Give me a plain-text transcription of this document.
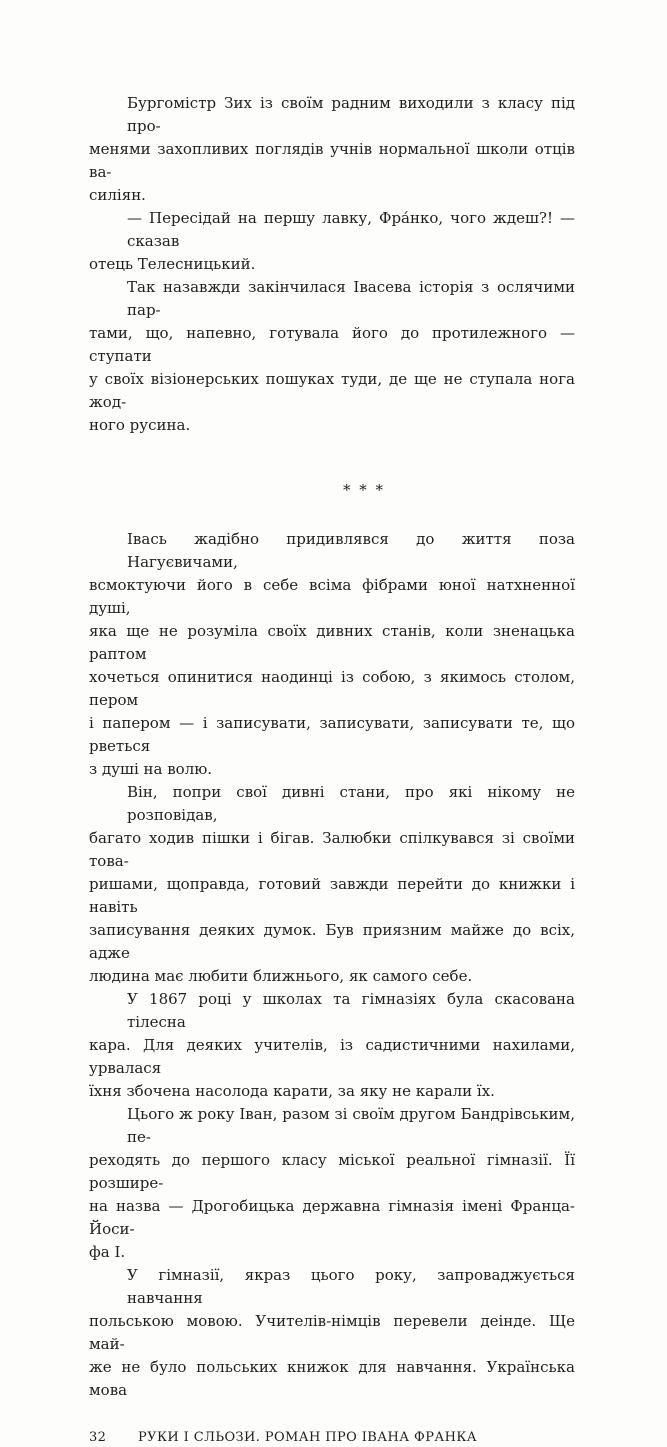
Бургомістр Зих із своїм радним виходили з класу під про-
менями захопливих поглядів учнів нормальної школи отців ва-
силіян.
— Пересідай на першу лавку, Фра́нко, чого ждеш?! — сказав
отець Телесницький.
Так назавжди закінчилася Івасева історія з ослячими пар-
тами, що, напевно, готувала його до протилежного — ступати
у своїх візіонерських пошуках туди, де ще не ступала нога жод-
ного русина.
* * *
Івась жадібно придивлявся до життя поза Нагуєвичами,
всмоктуючи його в себе всіма фібрами юної натхненної душі,
яка ще не розуміла своїх дивних станів, коли зненацька раптом
хочеться опинитися наодинці із собою, з якимось столом, пером
і папером — і записувати, записувати, записувати те, що рветься
з душі на волю.
Він, попри свої дивні стани, про які нікому не розповідав,
багато ходив пішки і бігав. Залюбки спілкувався зі своїми това-
ришами, щоправда, готовий завжди перейти до книжки і навіть
записування деяких думок. Був приязним майже до всіх, адже
людина має любити ближнього, як самого себе.
У 1867 році у школах та гімназіях була скасована тілесна
кара. Для деяких учителів, із садистичними нахилами, урвалася
їхня збочена насолода карати, за яку не карали їх.
Цього ж року Іван, разом зі своїм другом Бандрівським, пе-
реходять до першого класу міської реальної гімназії. Її розшире-
на назва — Дрогобицька державна гімназія імені Франца-Йоси-
фа І.
У гімназії, якраз цього року, запроваджується навчання
польською мовою. Учителів-німців перевели деінде. Ще май-
же не було польських книжок для навчання. Українська мова
32 РУКИ І СЛЬОЗИ. РОМАН ПРО ІВАНА ФРАНКА
